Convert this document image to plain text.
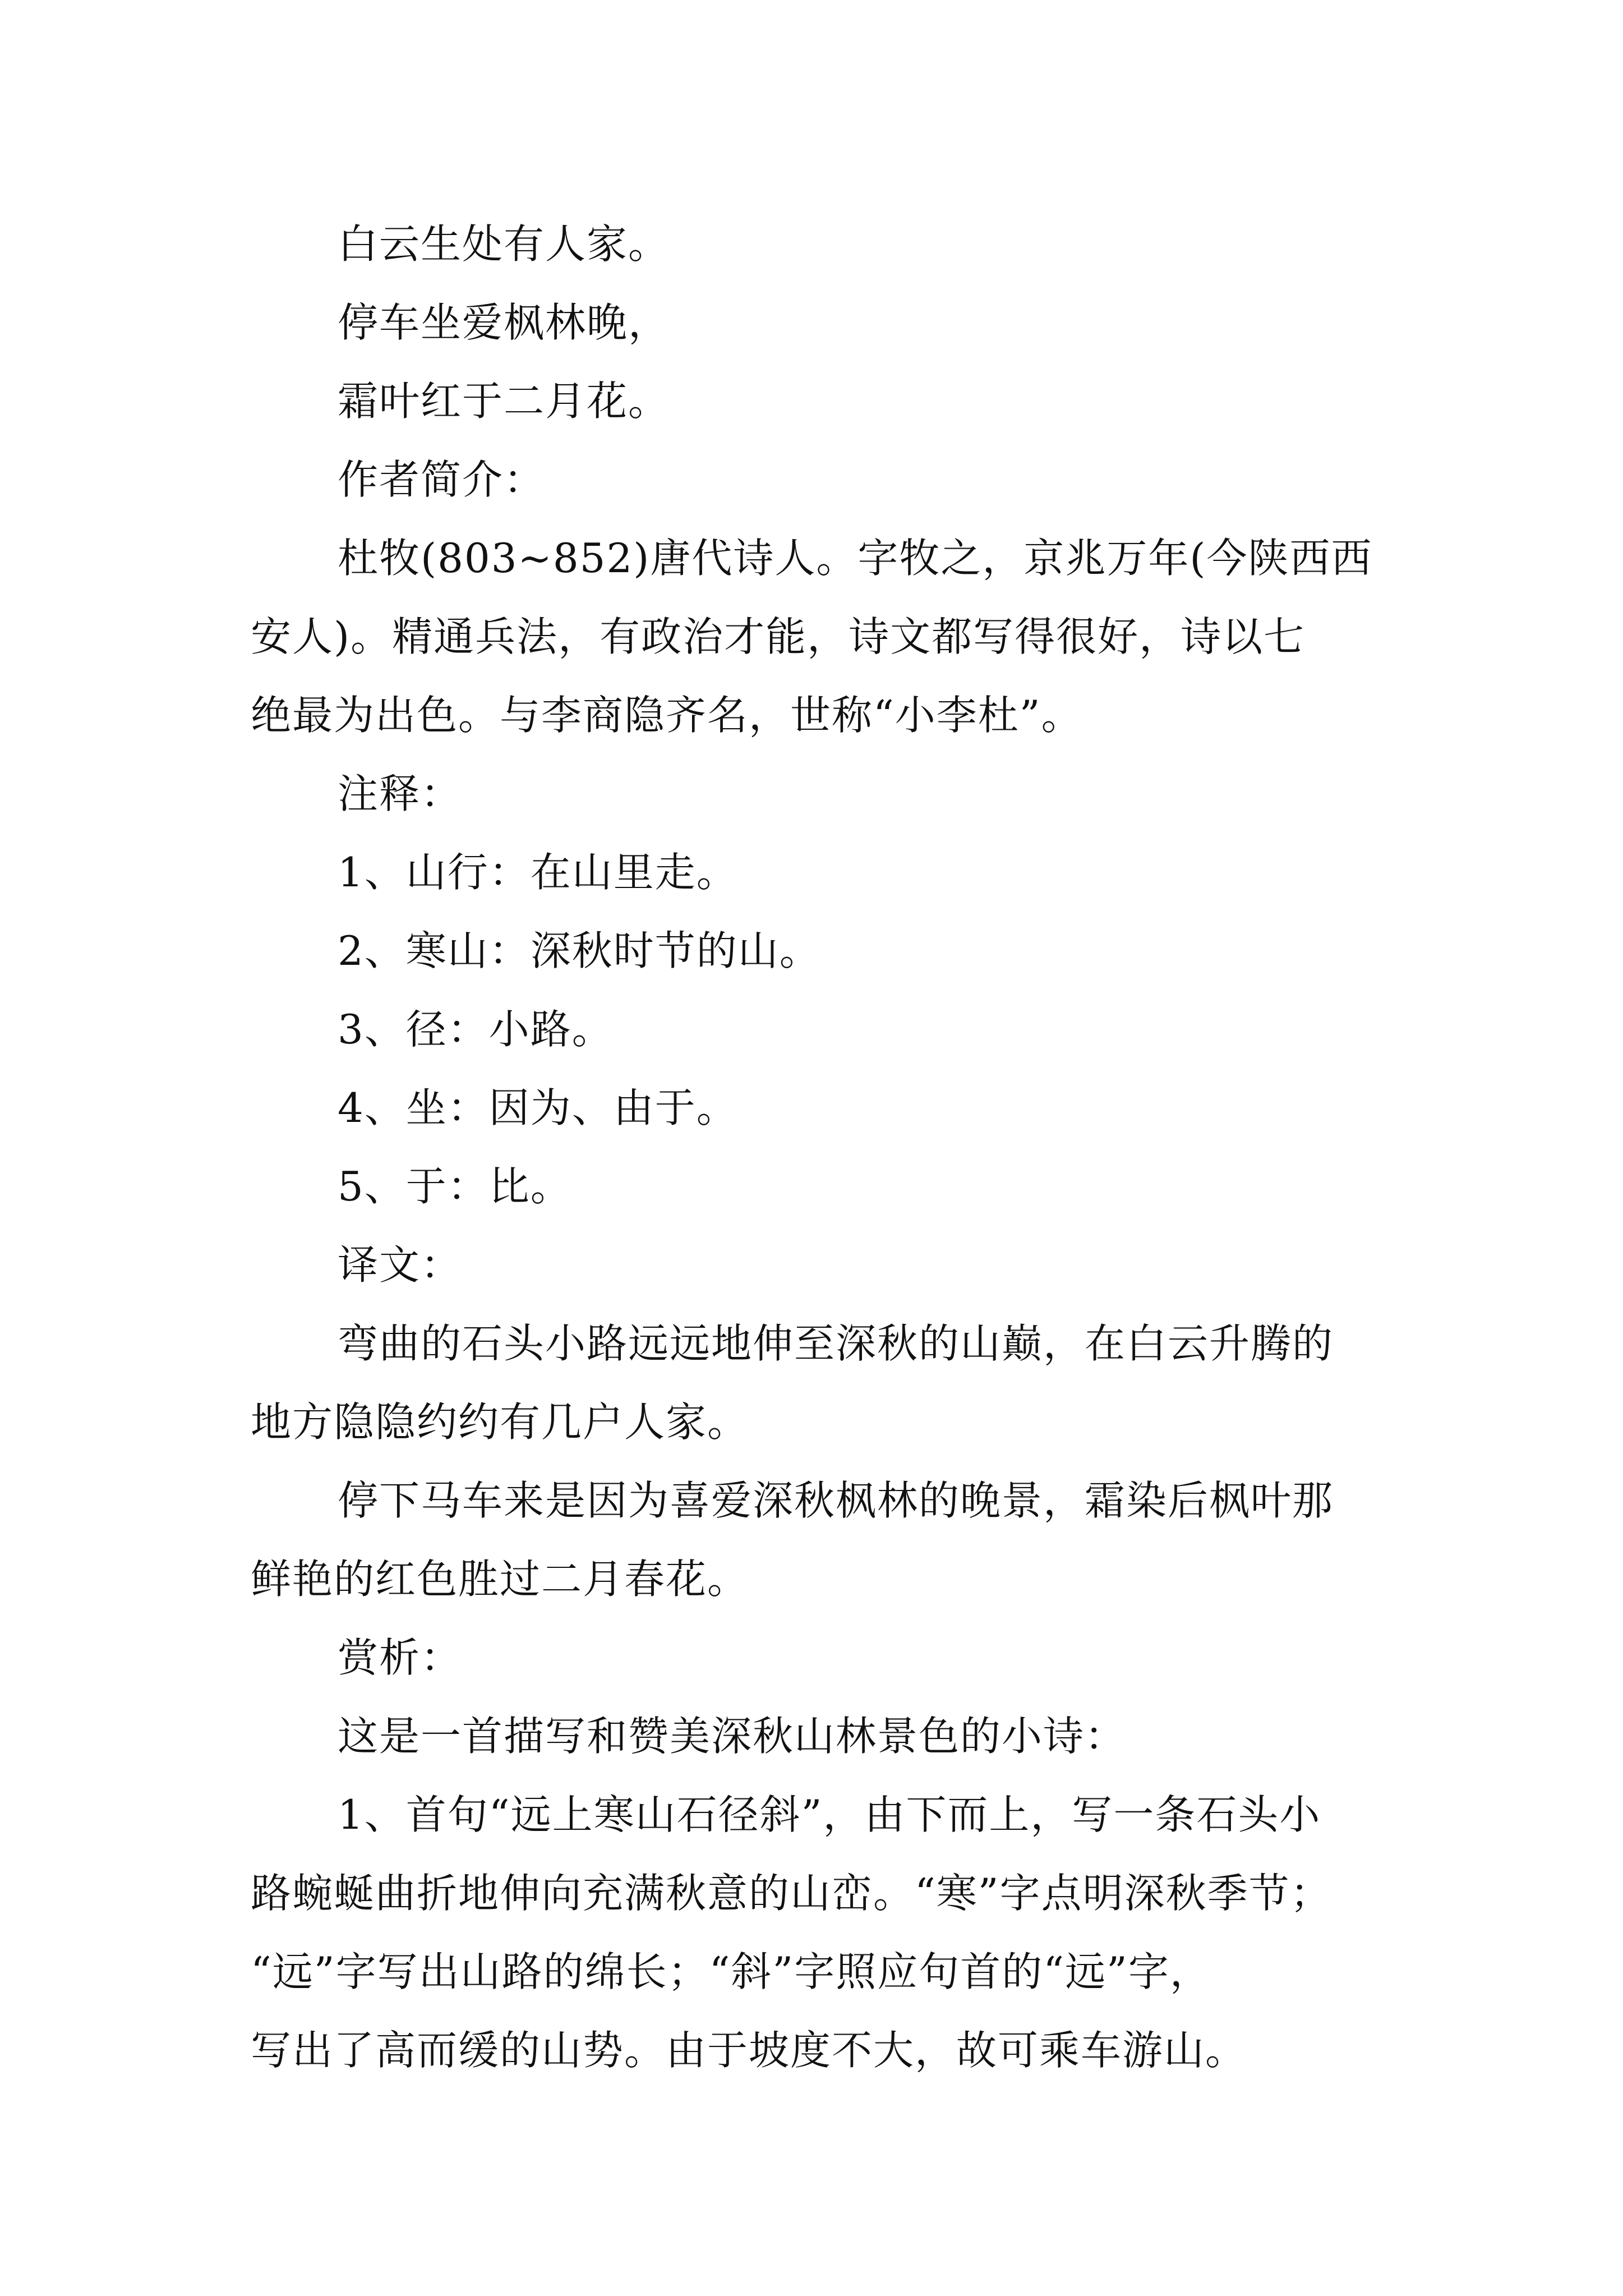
白云生处有人家。
停车坐爱枫林晚，
霜叶红于二月花。
作者简介：
杜牧(803~852)唐代诗人。字牧之，京兆万年(今陕西西
安人)。精通兵法，有政治才能，诗文都写得很好，诗以七
绝最为出色。与李商隐齐名，世称“小李杜”。
注释：
1、山行：在山里走。
2、寒山：深秋时节的山。
3、径：小路。
4、坐：因为、由于。
5、于：比。
译文：
弯曲的石头小路远远地伸至深秋的山巅，在白云升腾的
地方隐隐约约有几户人家。
停下马车来是因为喜爱深秋枫林的晚景，霜染后枫叶那
鲜艳的红色胜过二月春花。
赏析：
这是一首描写和赞美深秋山林景色的小诗：
1、首句“远上寒山石径斜”，由下而上，写一条石头小
路蜿蜒曲折地伸向充满秋意的山峦。“寒”字点明深秋季节；
“远”字写出山路的绵长；“斜”字照应句首的“远”字，
写出了高而缓的山势。由于坡度不大，故可乘车游山。
